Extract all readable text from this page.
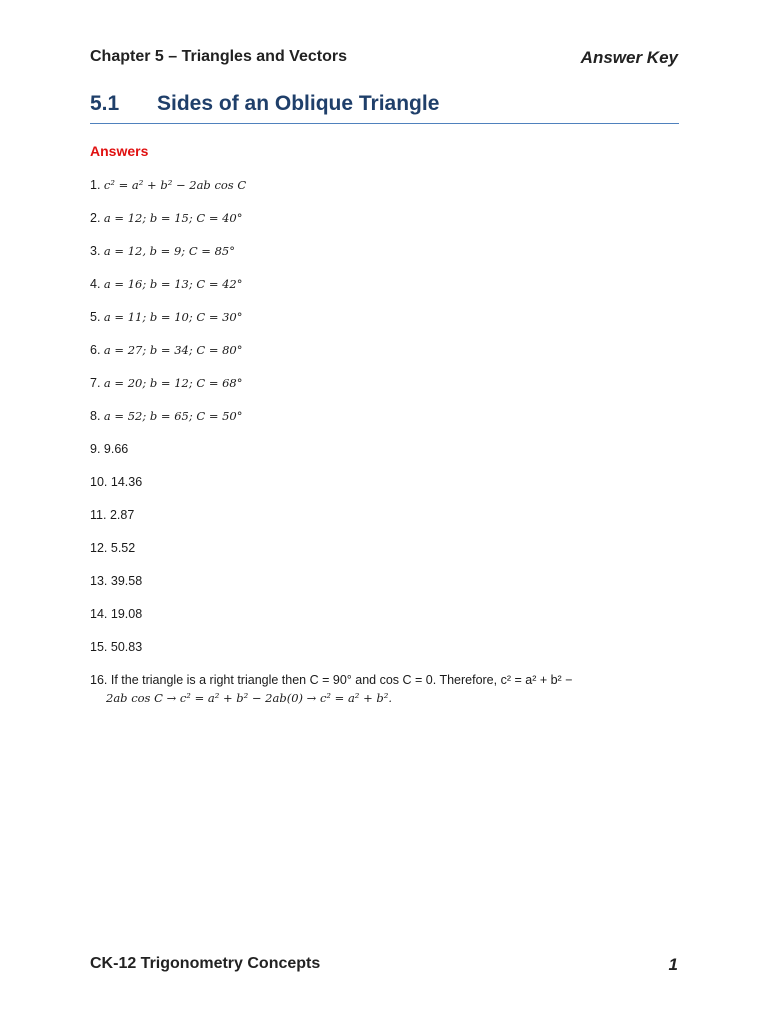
Chapter 5 – Triangles and Vectors	Answer Key
5.1 Sides of an Oblique Triangle
Answers
1. c² = a² + b² − 2ab cos C
2. a = 12; b = 15; C = 40°
3. a = 12, b = 9; C = 85°
4. a = 16; b = 13; C = 42°
5. a = 11; b = 10; C = 30°
6. a = 27; b = 34; C = 80°
7. a = 20; b = 12; C = 68°
8. a = 52; b = 65; C = 50°
9. 9.66
10. 14.36
11. 2.87
12. 5.52
13. 39.58
14. 19.08
15. 50.83
16. If the triangle is a right triangle then C = 90° and cos C = 0. Therefore, c² = a² + b² −
2ab cos C → c² = a² + b² − 2ab(0) → c² = a² + b².
CK-12 Trigonometry Concepts	1
